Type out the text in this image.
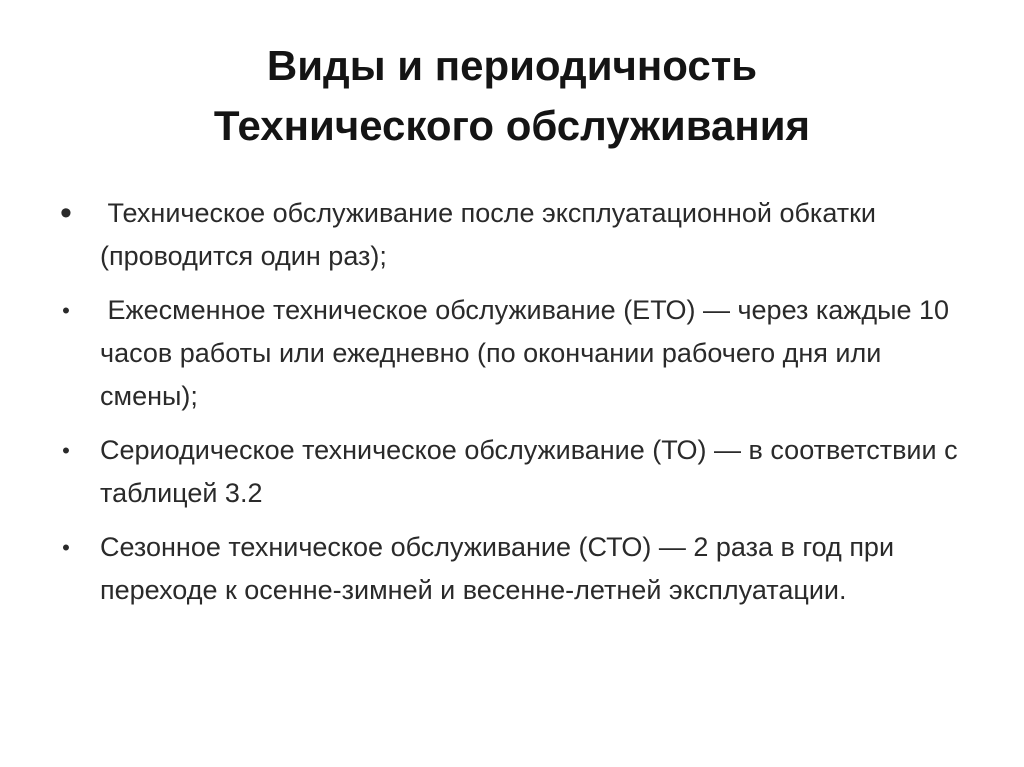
Виды и периодичность
Технического обслуживания
• Техническое обслуживание после эксплуатационной обкатки (проводится один раз);
• Ежесменное техническое обслуживание (ЕТО) — через каждые 10 часов работы или ежедневно (по окончании рабочего дня или смены);
• Сериодическое техническое обслуживание (ТО) — в соответствии с таблицей 3.2
• Сезонное техническое обслуживание (СТО) — 2 раза в год при переходе к осенне-зимней и весенне-летней эксплуатации.
